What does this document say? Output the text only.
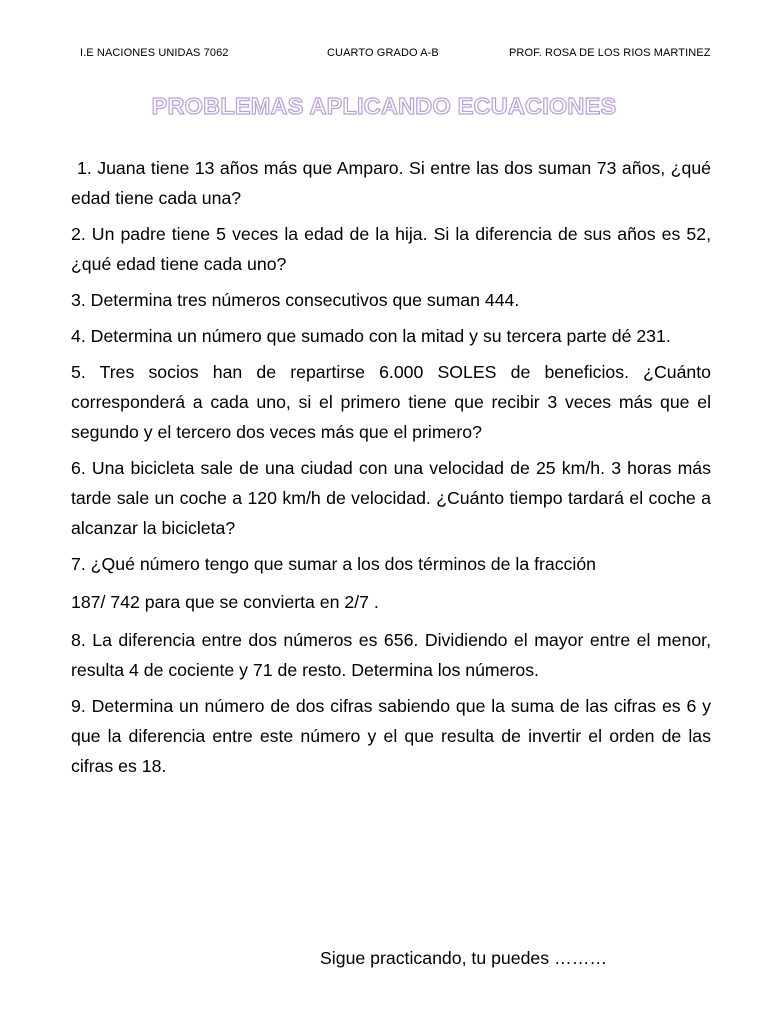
I.E NACIONES UNIDAS 7062	CUARTO GRADO A-B	PROF. ROSA DE LOS RIOS MARTINEZ
PROBLEMAS APLICANDO ECUACIONES

1. Juana tiene 13 años más que Amparo. Si entre las dos suman 73 años, ¿qué edad tiene cada una?

2. Un padre tiene 5 veces la edad de la hija. Si la diferencia de sus años es 52, ¿qué edad tiene cada uno?

3. Determina tres números consecutivos que suman 444.

4. Determina un número que sumado con la mitad y su tercera parte dé 231.

5. Tres socios han de repartirse 6.000 SOLES de beneficios. ¿Cuánto corresponderá a cada uno, si el primero tiene que recibir 3 veces más que el segundo y el tercero dos veces más que el primero?

6. Una bicicleta sale de una ciudad con una velocidad de 25 km/h. 3 horas más tarde sale un coche a 120 km/h de velocidad. ¿Cuánto tiempo tardará el coche a alcanzar la bicicleta?

7. ¿Qué número tengo que sumar a los dos términos de la fracción

187/ 742 para que se convierta en 2/7 .

8. La diferencia entre dos números es 656. Dividiendo el mayor entre el menor, resulta 4 de cociente y 71 de resto. Determina los números.

9. Determina un número de dos cifras sabiendo que la suma de las cifras es 6 y que la diferencia entre este número y el que resulta de invertir el orden de las cifras es 18.

Sigue practicando, tu puedes ………
